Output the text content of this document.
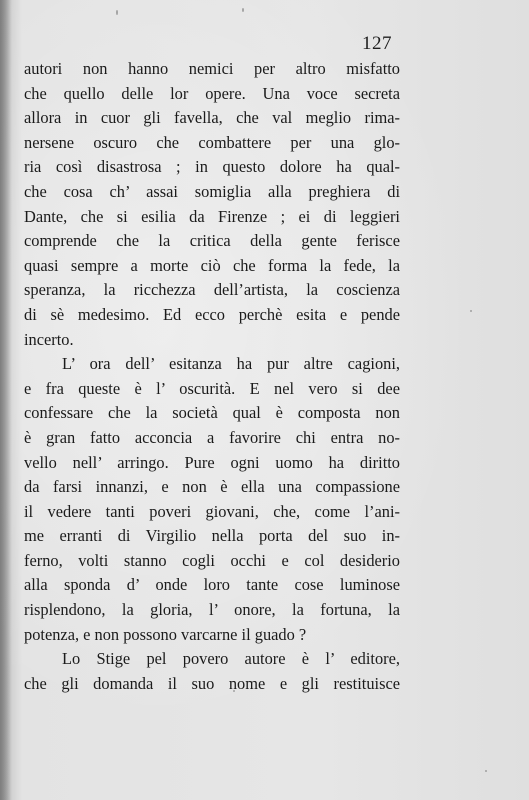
127
autori non hanno nemici per altro misfatto
che quello delle lor opere. Una voce secreta
allora in cuor gli favella, che val meglio rima-
nersene oscuro che combattere per una glo-
ria così disastrosa ; in questo dolore ha qual-
che cosa ch’ assai somiglia alla preghiera di
Dante, che si esilia da Firenze ; ei di leggieri
comprende che la critica della gente ferisce
quasi sempre a morte ciò che forma la fede, la
speranza, la ricchezza dell’artista, la coscienza
di sè medesimo. Ed ecco perchè esita e pende
incerto.
L’ ora dell’ esitanza ha pur altre cagioni,
e fra queste è l’ oscurità. E nel vero si dee
confessare che la società qual è composta non
è gran fatto acconcia a favorire chi entra no-
vello nell’ arringo. Pure ogni uomo ha diritto
da farsi innanzi, e non è ella una compassione
il vedere tanti poveri giovani, che, come l’ani-
me erranti di Virgilio nella porta del suo in-
ferno, volti stanno cogli occhi e col desiderio
alla sponda d’ onde loro tante cose luminose
risplendono, la gloria, l’ onore, la fortuna, la
potenza, e non possono varcarne il guado ?
Lo Stige pel povero autore è l’ editore,
che gli domanda il suo nome e gli restituisce
